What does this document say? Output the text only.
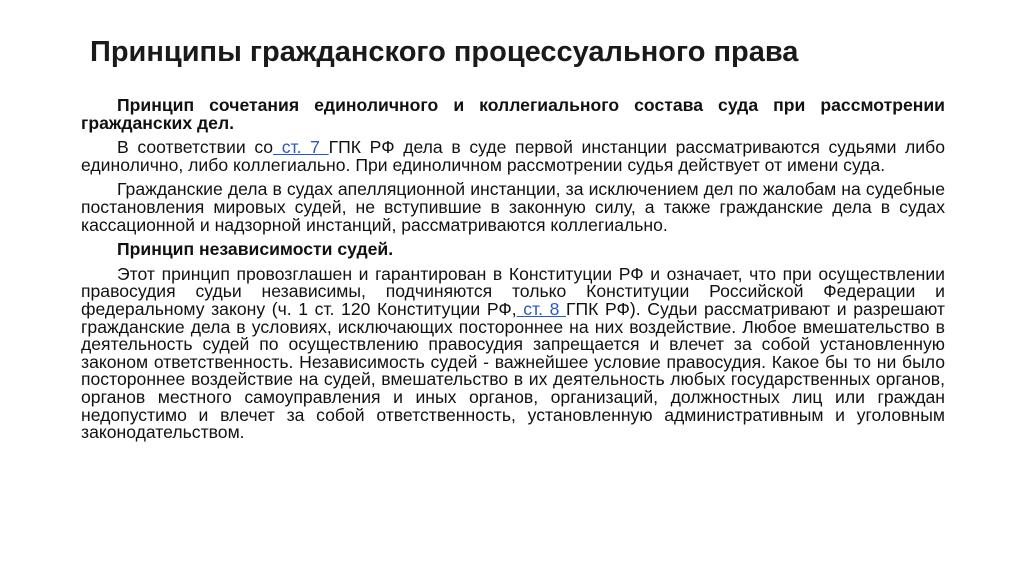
Принципы гражданского процессуального права

Принцип сочетания единоличного и коллегиального состава суда при рассмотрении гражданских дел.

В соответствии со ст. 7 ГПК РФ дела в суде первой инстанции рассматриваются судьями либо единолично, либо коллегиально. При единоличном рассмотрении судья действует от имени суда.

Гражданские дела в судах апелляционной инстанции, за исключением дел по жалобам на судебные постановления мировых судей, не вступившие в законную силу, а также гражданские дела в судах кассационной и надзорной инстанций, рассматриваются коллегиально.

Принцип независимости судей.

Этот принцип провозглашен и гарантирован в Конституции РФ и означает, что при осуществлении правосудия судьи независимы, подчиняются только Конституции Российской Федерации и федеральному закону (ч. 1 ст. 120 Конституции РФ, ст. 8 ГПК РФ). Судьи рассматривают и разрешают гражданские дела в условиях, исключающих постороннее на них воздействие. Любое вмешательство в деятельность судей по осуществлению правосудия запрещается и влечет за собой установленную законом ответственность. Независимость судей - важнейшее условие правосудия. Какое бы то ни было постороннее воздействие на судей, вмешательство в их деятельность любых государственных органов, органов местного самоуправления и иных органов, организаций, должностных лиц или граждан недопустимо и влечет за собой ответственность, установленную административным и уголовным законодательством.
